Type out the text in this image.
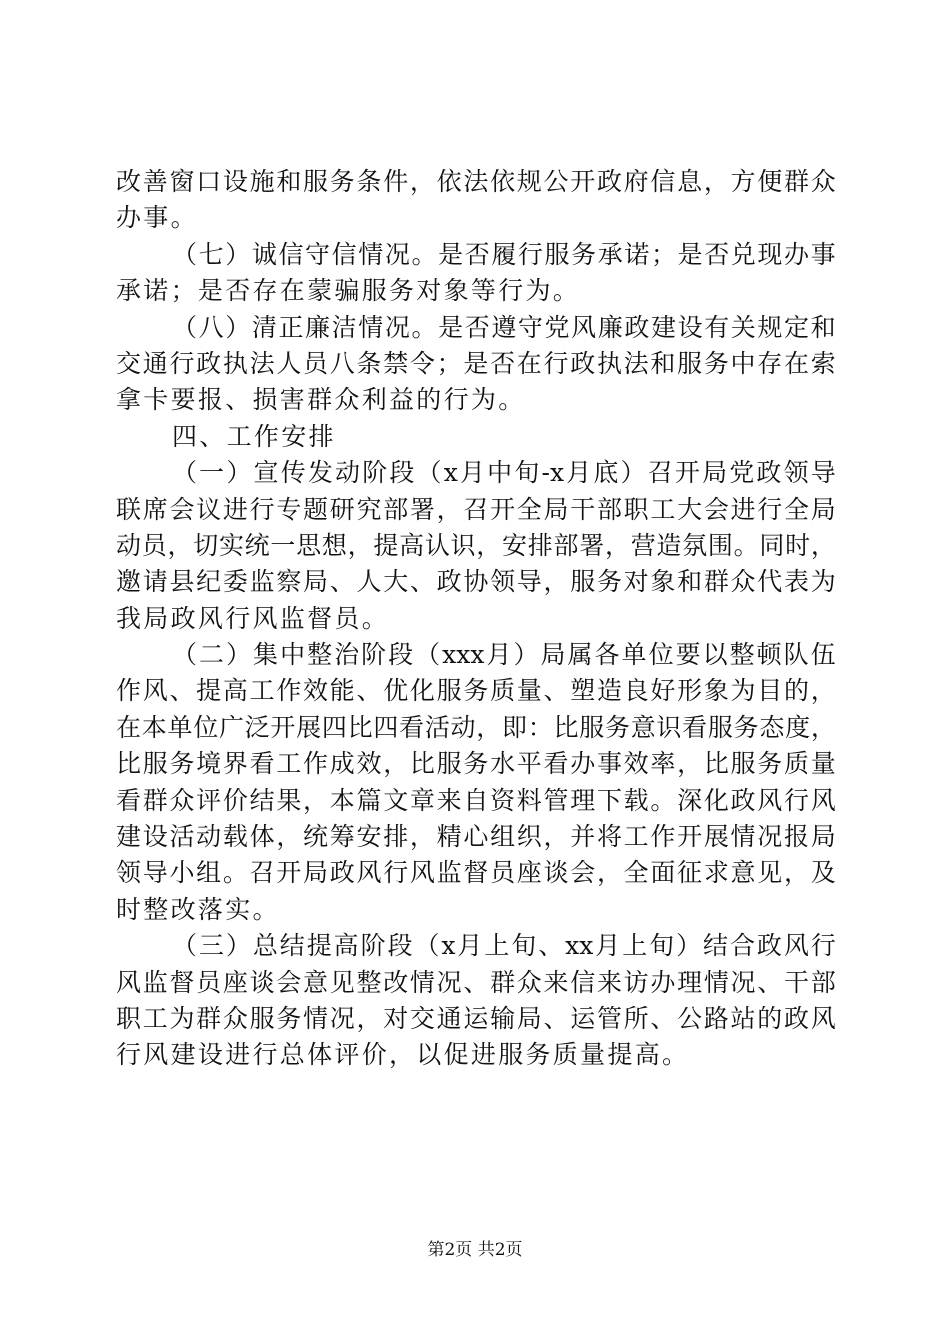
改 善 窗 口 设 施 和 服 务 条 件 ， 依 法 依 规 公 开 政 府 信 息 ， 方 便 群 众
办事。
（ 七 ） 诚 信 守 信 情 况 。 是 否 履 行 服 务 承 诺 ； 是 否 兑 现 办 事
承诺；是否存在蒙骗服务对象等行为。
（ 八 ） 清 正 廉 洁 情 况 。 是 否 遵 守 党 风 廉 政 建 设 有 关 规 定 和
交 通 行 政 执 法 人 员 八 条 禁 令 ； 是 否 在 行 政 执 法 和 服 务 中 存 在 索
拿卡要报、损害群众利益的行为。
四、工作安排
（ 一 ） 宣 传 发 动 阶 段 （ x 月 中 旬 -x 月 底 ） 召 开 局 党 政 领 导
联 席 会 议 进 行 专 题 研 究 部 署 ， 召 开 全 局 干 部 职 工 大 会 进 行 全 局
动 员 ， 切 实 统 一 思 想 ， 提 高 认 识 ， 安 排 部 署 ， 营 造 氛 围 。 同 时 ，
邀 请 县 纪 委 监 察 局 、 人 大 、 政 协 领 导 ， 服 务 对 象 和 群 众 代 表 为
我局政风行风监督员。
（ 二 ） 集 中 整 治 阶 段 （ xxx 月 ） 局 属 各 单 位 要 以 整 顿 队 伍
作 风 、 提 高 工 作 效 能 、 优 化 服 务 质 量 、 塑 造 良 好 形 象 为 目 的 ，
在 本 单 位 广 泛 开 展 四 比 四 看 活 动 ， 即 ： 比 服 务 意 识 看 服 务 态 度 ，
比 服 务 境 界 看 工 作 成 效 ， 比 服 务 水 平 看 办 事 效 率 ， 比 服 务 质 量
看 群 众 评 价 结 果 ， 本 篇 文 章 来 自 资 料 管 理 下 载 。 深 化 政 风 行 风
建 设 活 动 载 体 ， 统 筹 安 排 ， 精 心 组 织 ， 并 将 工 作 开 展 情 况 报 局
领 导 小 组 。 召 开 局 政 风 行 风 监 督 员 座 谈 会 ， 全 面 征 求 意 见 ， 及
时整改落实。
（ 三 ） 总 结 提 高 阶 段 （ x 月 上 旬 、 xx 月 上 旬 ） 结 合 政 风 行
风 监 督 员 座 谈 会 意 见 整 改 情 况 、 群 众 来 信 来 访 办 理 情 况 、 干 部
职 工 为 群 众 服 务 情 况 ， 对 交 通 运 输 局 、 运 管 所 、 公 路 站 的 政 风
行风建设进行总体评价，以促进服务质量提高。
第2页 共2页
